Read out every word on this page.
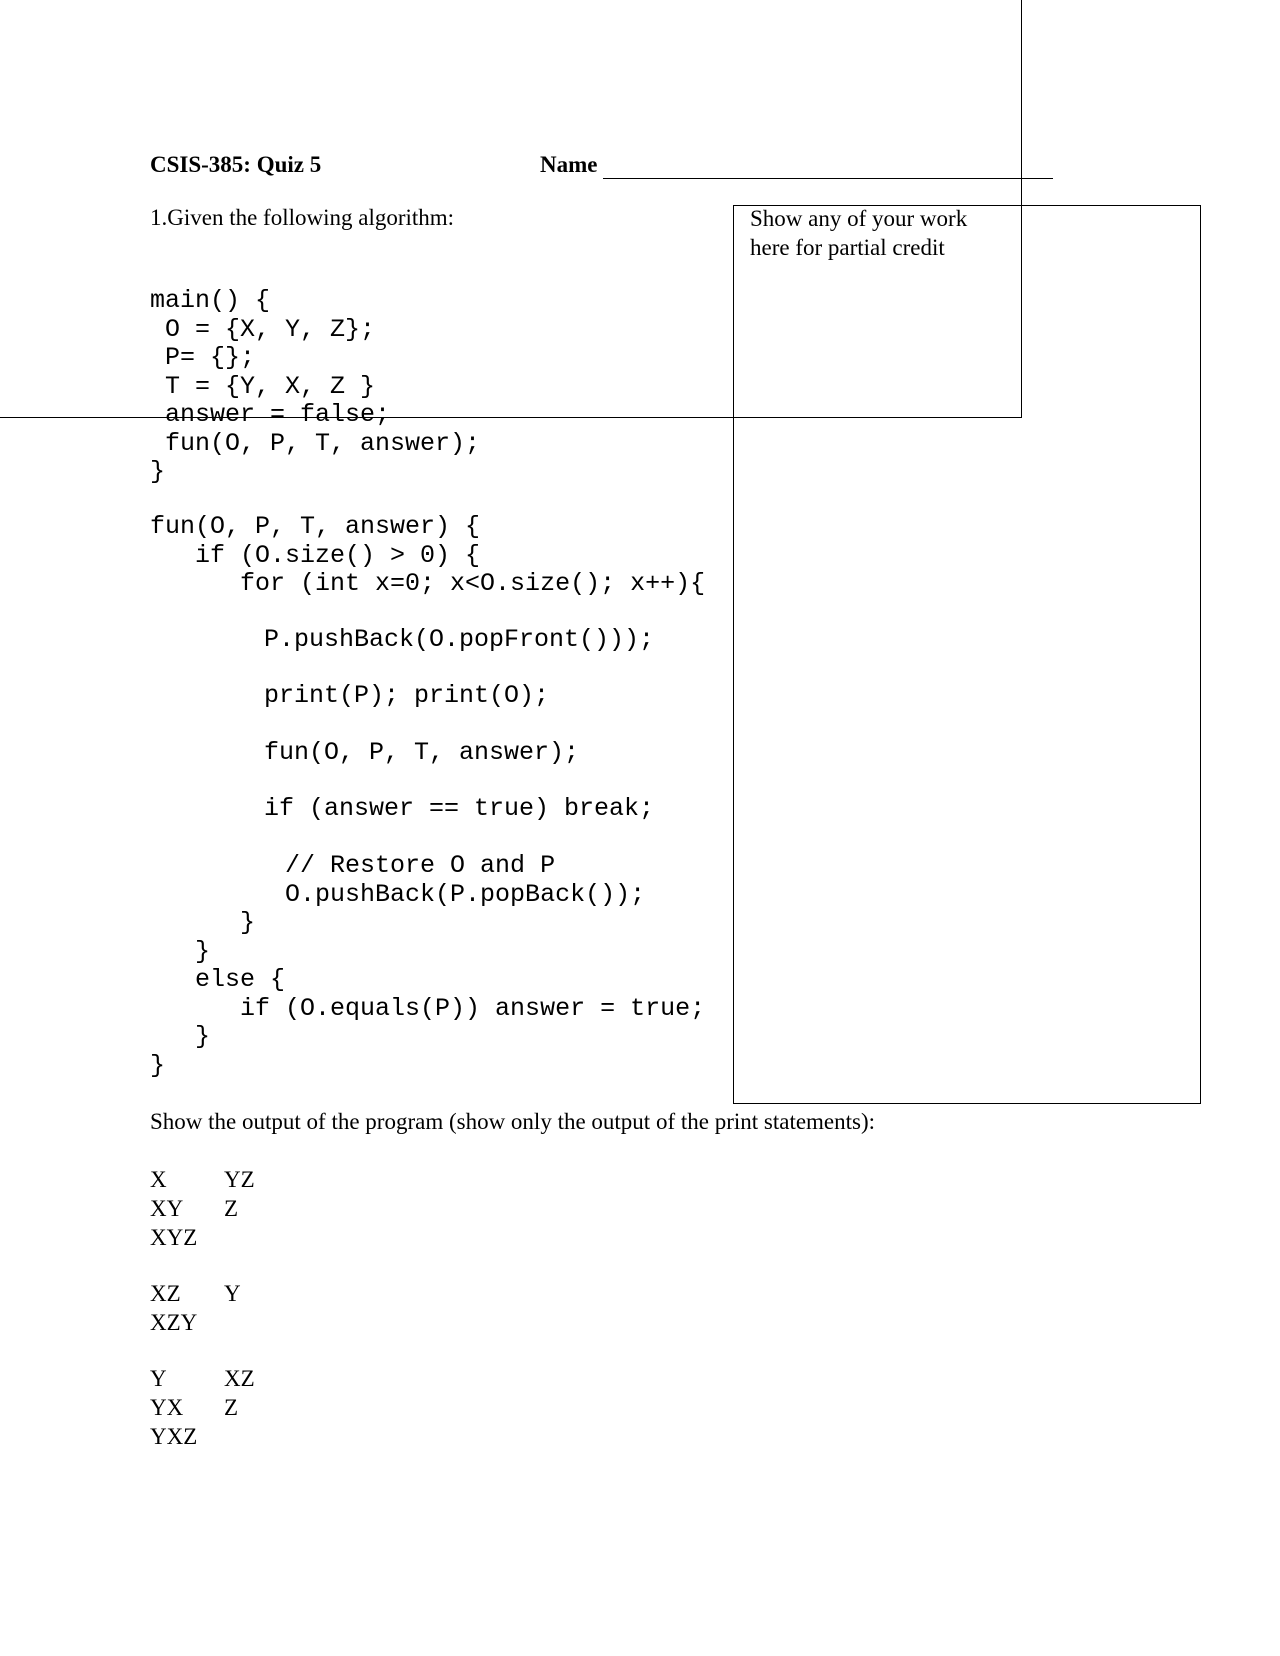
CSIS-385: Quiz 5	Name
1.Given the following algorithm:	Show any of your work
here for partial credit
main() {
O = {X, Y, Z};
P= {};
T = {Y, X, Z }
answer = false;
fun(O, P, T, answer);
}
fun(O, P, T, answer) {
if (O.size() > 0) {
for (int x=0; x<O.size(); x++){
P.pushBack(O.popFront()));
print(P); print(O);
fun(O, P, T, answer);
if (answer == true) break;
// Restore O and P
O.pushBack(P.popBack());
}
}
else {
if (O.equals(P)) answer = true;
}
}
Show the output of the program (show only the output of the print statements):
X YZ
XY Z
XYZ
XZ Y
XZY
Y XZ
YX Z
YXZ
